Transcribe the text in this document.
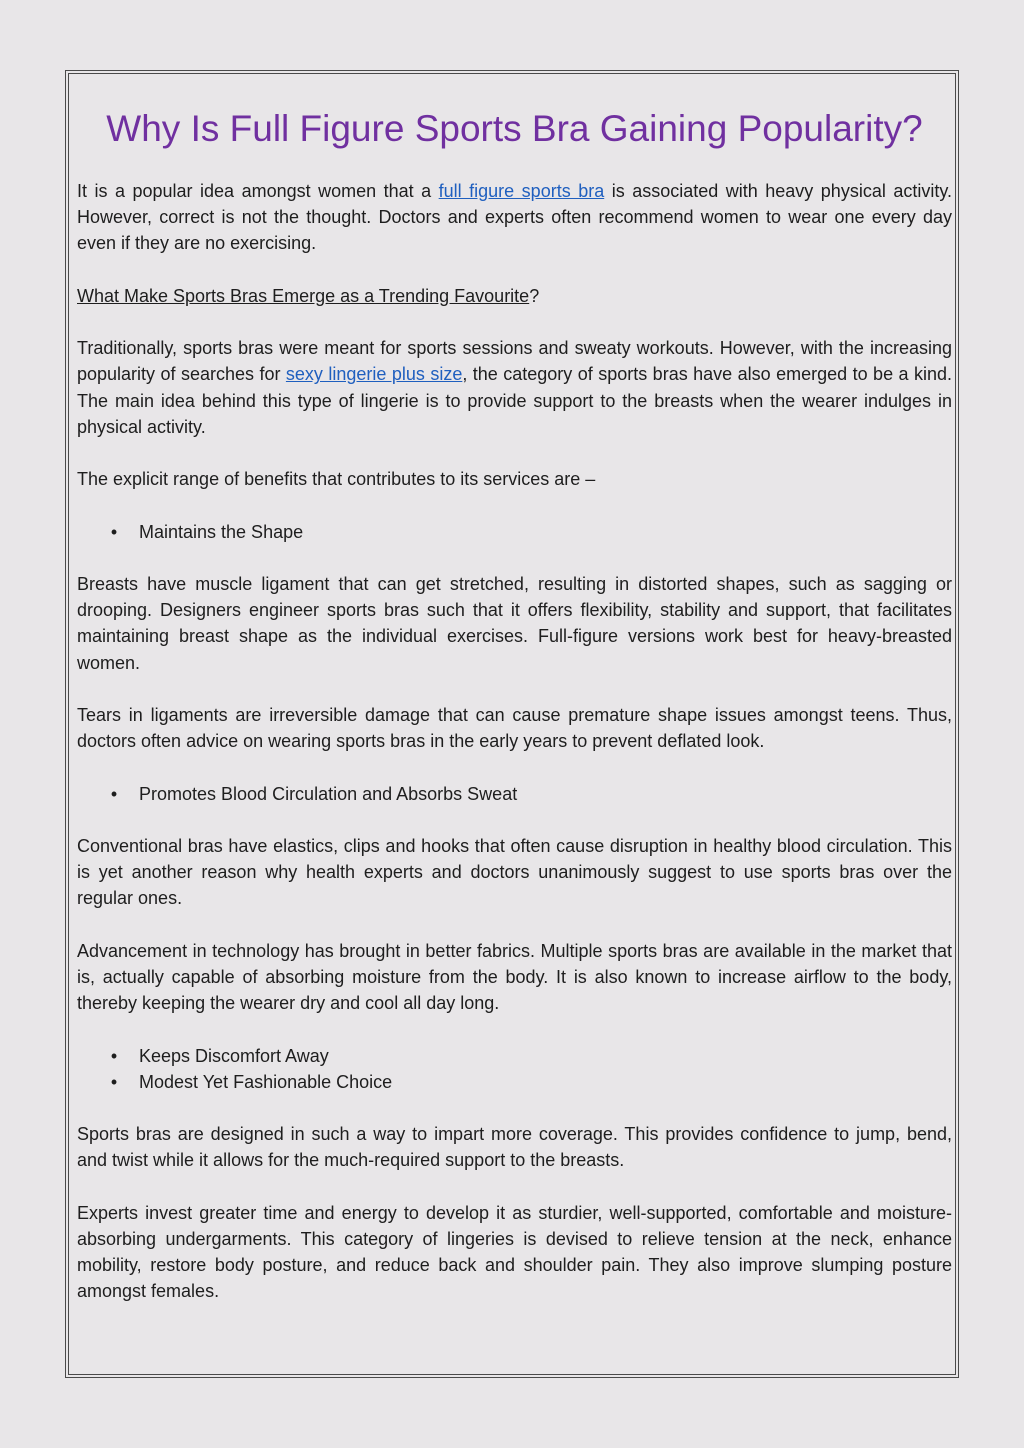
Why Is Full Figure Sports Bra Gaining Popularity?

It is a popular idea amongst women that a full figure sports bra is associated with heavy physical activity. However, correct is not the thought. Doctors and experts often recommend women to wear one every day even if they are no exercising.

What Make Sports Bras Emerge as a Trending Favourite?

Traditionally, sports bras were meant for sports sessions and sweaty workouts. However, with the increasing popularity of searches for sexy lingerie plus size, the category of sports bras have also emerged to be a kind. The main idea behind this type of lingerie is to provide support to the breasts when the wearer indulges in physical activity.

The explicit range of benefits that contributes to its services are –

• Maintains the Shape

Breasts have muscle ligament that can get stretched, resulting in distorted shapes, such as sagging or drooping. Designers engineer sports bras such that it offers flexibility, stability and support, that facilitates maintaining breast shape as the individual exercises. Full-figure versions work best for heavy-breasted women.

Tears in ligaments are irreversible damage that can cause premature shape issues amongst teens. Thus, doctors often advice on wearing sports bras in the early years to prevent deflated look.

• Promotes Blood Circulation and Absorbs Sweat

Conventional bras have elastics, clips and hooks that often cause disruption in healthy blood circulation. This is yet another reason why health experts and doctors unanimously suggest to use sports bras over the regular ones.

Advancement in technology has brought in better fabrics. Multiple sports bras are available in the market that is, actually capable of absorbing moisture from the body. It is also known to increase airflow to the body, thereby keeping the wearer dry and cool all day long.

• Keeps Discomfort Away
• Modest Yet Fashionable Choice

Sports bras are designed in such a way to impart more coverage. This provides confidence to jump, bend, and twist while it allows for the much-required support to the breasts.

Experts invest greater time and energy to develop it as sturdier, well-supported, comfortable and moisture-absorbing undergarments. This category of lingeries is devised to relieve tension at the neck, enhance mobility, restore body posture, and reduce back and shoulder pain. They also improve slumping posture amongst females.
